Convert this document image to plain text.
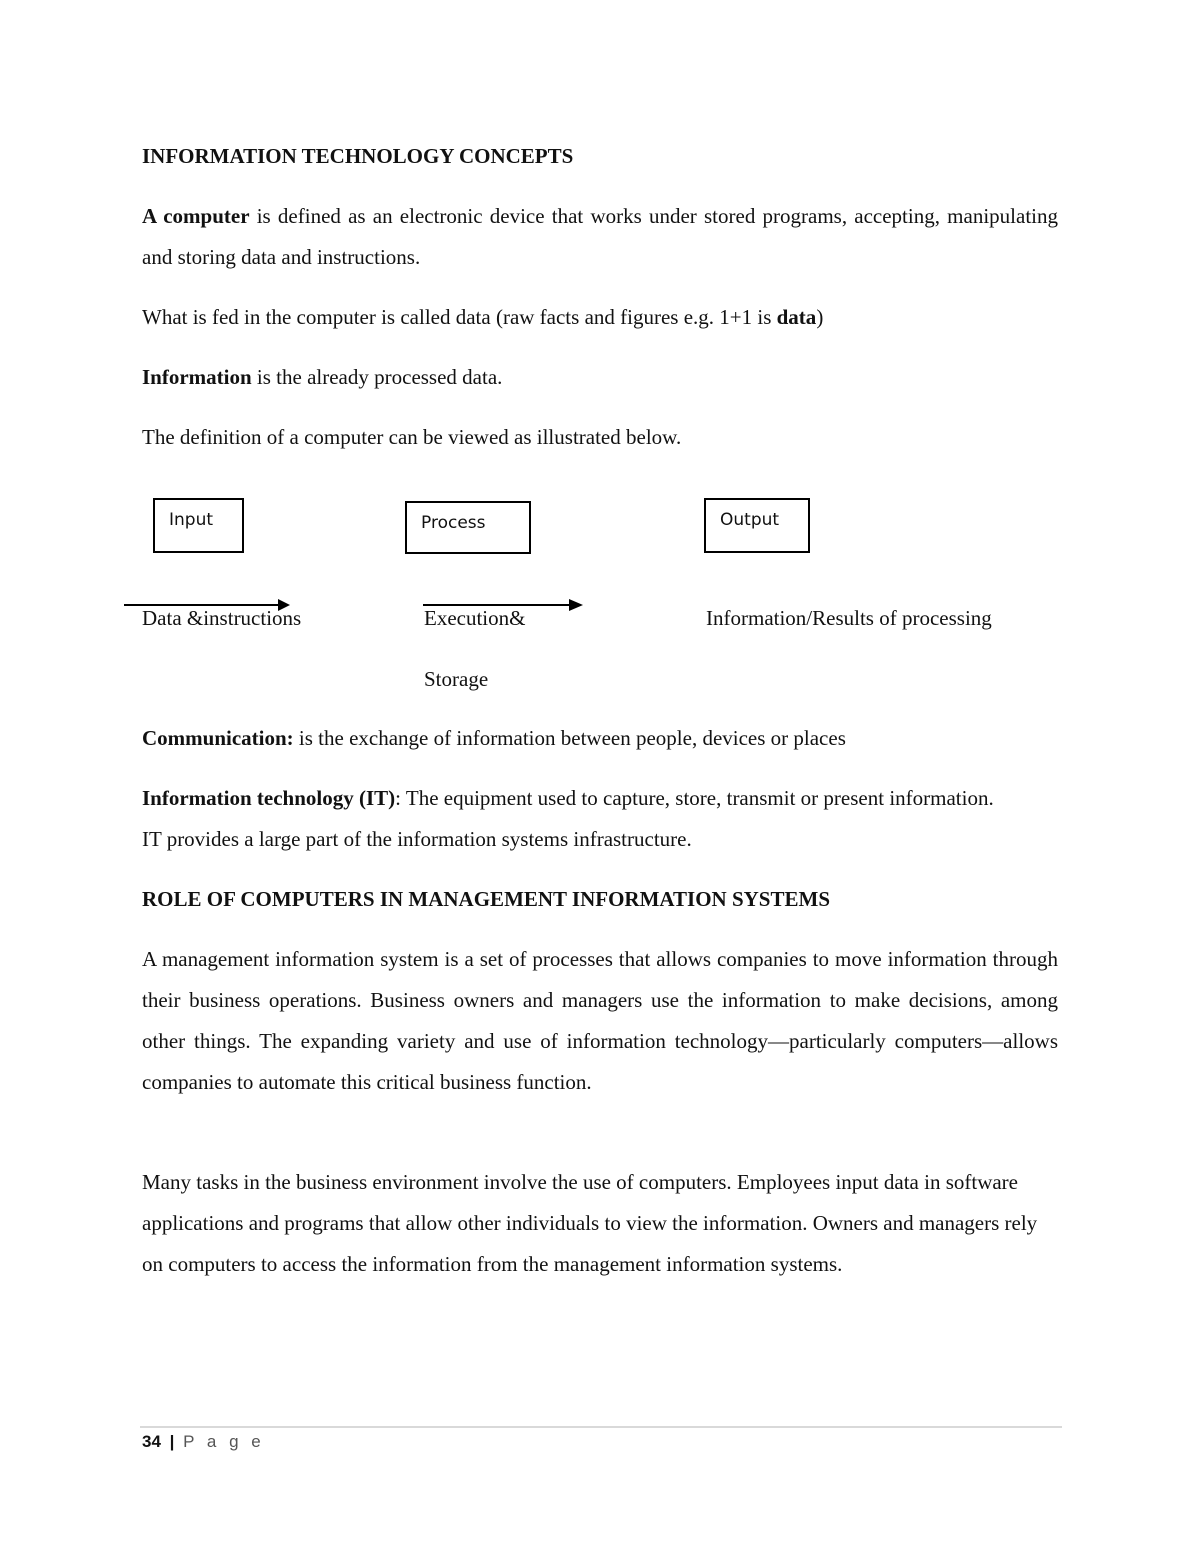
INFORMATION TECHNOLOGY CONCEPTS

A computer is defined as an electronic device that works under stored programs, accepting, manipulating and storing data and instructions.

What is fed in the computer is called data (raw facts and figures e.g. 1+1 is data)

Information is the already processed data.

The definition of a computer can be viewed as illustrated below.

Input	Process	Output
Data &instructions	Execution&
Storage
Information/Results of processing

Communication: is the exchange of information between people, devices or places

Information technology (IT): The equipment used to capture, store, transmit or present information. IT provides a large part of the information systems infrastructure.

ROLE OF COMPUTERS IN MANAGEMENT INFORMATION SYSTEMS

A management information system is a set of processes that allows companies to move information through their business operations. Business owners and managers use the information to make decisions, among other things. The expanding variety and use of information technology—particularly computers—allows companies to automate this critical business function.

Many tasks in the business environment involve the use of computers. Employees input data in software applications and programs that allow other individuals to view the information. Owners and managers rely on computers to access the information from the management information systems.

34 | P a g e
